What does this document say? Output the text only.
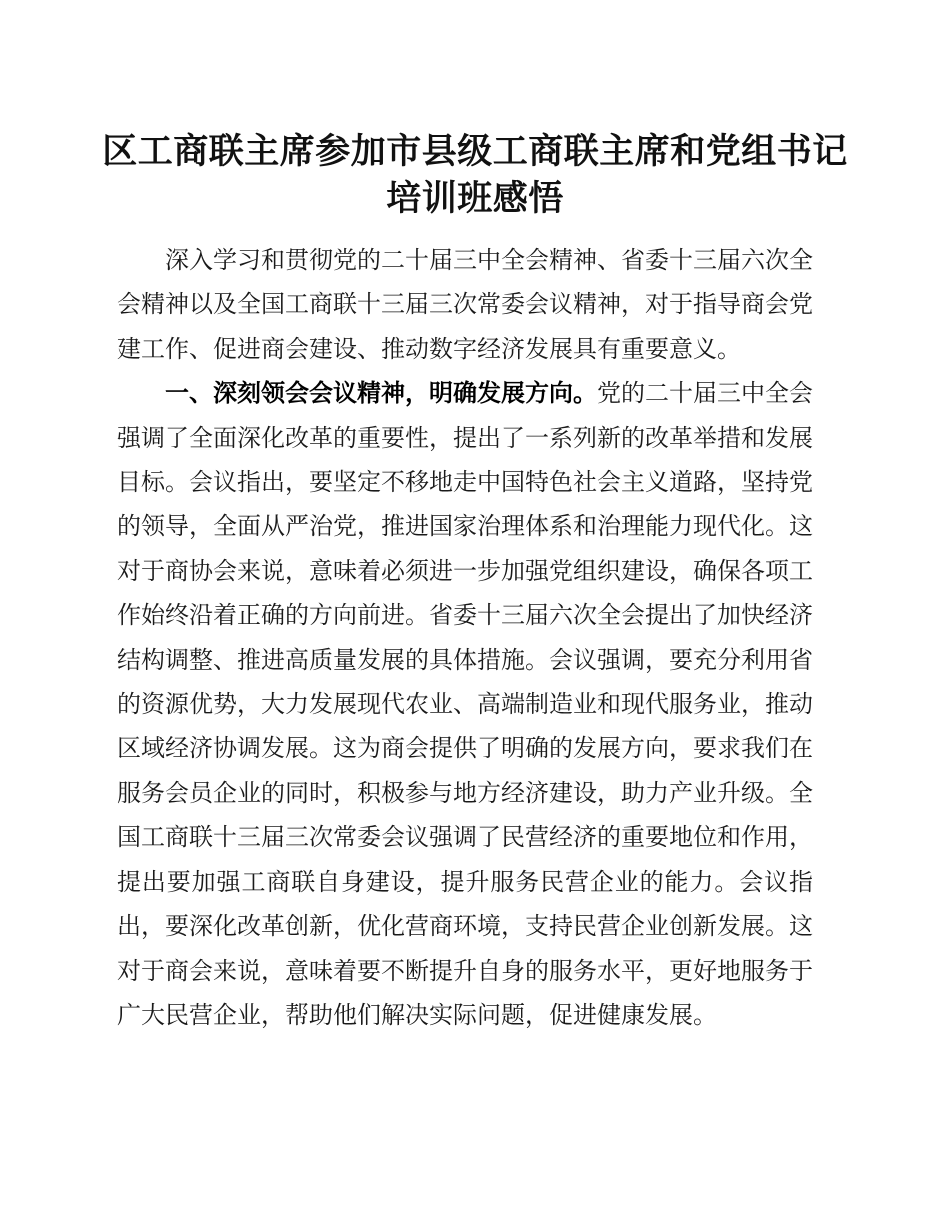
区工商联主席参加市县级工商联主席和党组书记培训班感悟

深入学习和贯彻党的二十届三中全会精神、省委十三届六次全会精神以及全国工商联十三届三次常委会议精神，对于指导商会党建工作、促进商会建设、推动数字经济发展具有重要意义。

一、深刻领会会议精神，明确发展方向。党的二十届三中全会强调了全面深化改革的重要性，提出了一系列新的改革举措和发展目标。会议指出，要坚定不移地走中国特色社会主义道路，坚持党的领导，全面从严治党，推进国家治理体系和治理能力现代化。这对于商协会来说，意味着必须进一步加强党组织建设，确保各项工作始终沿着正确的方向前进。省委十三届六次全会提出了加快经济结构调整、推进高质量发展的具体措施。会议强调，要充分利用省的资源优势，大力发展现代农业、高端制造业和现代服务业，推动区域经济协调发展。这为商会提供了明确的发展方向，要求我们在服务会员企业的同时，积极参与地方经济建设，助力产业升级。全国工商联十三届三次常委会议强调了民营经济的重要地位和作用，提出要加强工商联自身建设，提升服务民营企业的能力。会议指出，要深化改革创新，优化营商环境，支持民营企业创新发展。这对于商会来说，意味着要不断提升自身的服务水平，更好地服务于广大民营企业，帮助他们解决实际问题，促进健康发展。
